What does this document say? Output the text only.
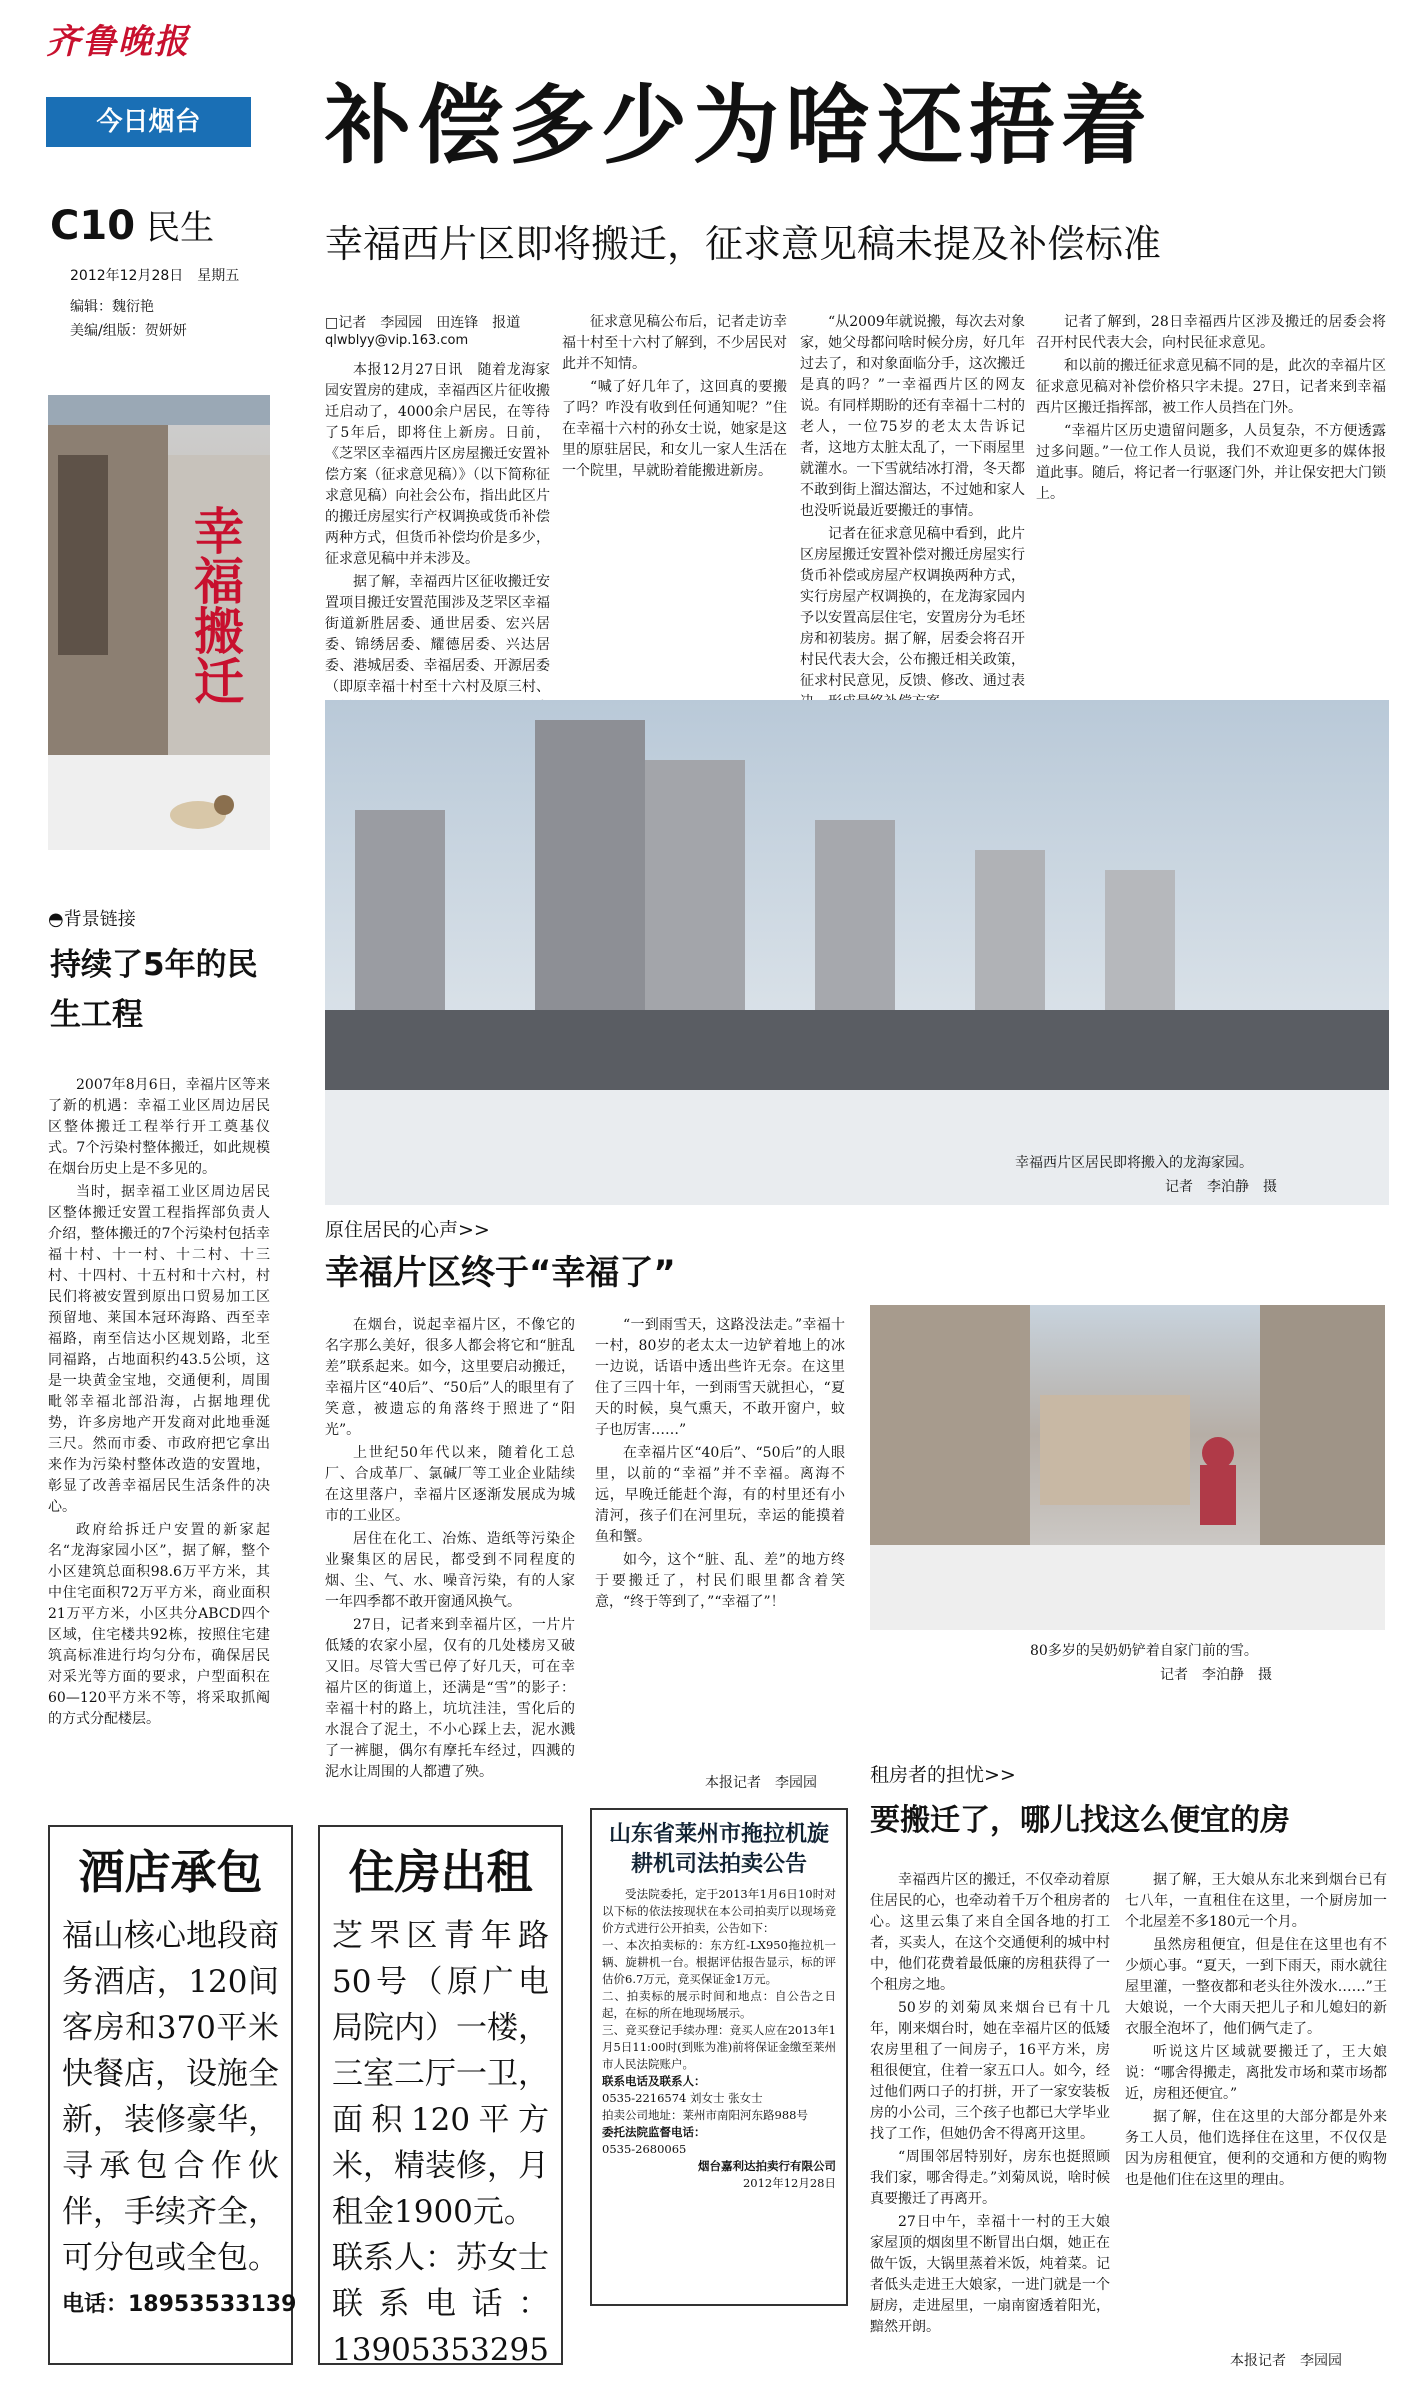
齐鲁晚报
今日烟台
C10 民生
2012年12月28日　星期五
编辑：魏衍艳
美编/组版：贺妍妍
补偿多少为啥还捂着
幸福西片区即将搬迁，征求意见稿未提及补偿标准
幸福搬迁
◓背景链接
持续了5年的民生工程

2007年8月6日，幸福片区等来了新的机遇：幸福工业区周边居民区整体搬迁工程举行开工奠基仪式。7个污染村整体搬迁，如此规模在烟台历史上是不多见的。

当时，据幸福工业区周边居民区整体搬迁安置工程指挥部负责人介绍，整体搬迁的7个污染村包括幸福十村、十一村、十二村、十三村、十四村、十五村和十六村，村民们将被安置到原出口贸易加工区预留地、莱国本冠环海路、西至幸福路，南至信达小区规划路，北至同福路，占地面积约43.5公顷，这是一块黄金宝地，交通便利，周围毗邻幸福北部沿海，占据地理优势，许多房地产开发商对此地垂涎三尺。然而市委、市政府把它拿出来作为污染村整体改造的安置地，彰显了改善幸福居民生活条件的决心。

政府给拆迁户安置的新家起名“龙海家园小区”，据了解，整个小区建筑总面积98.6万平方米，其中住宅面积72万平方米，商业面积21万平方米，小区共分ABCD四个区域，住宅楼共92栋，按照住宅建筑高标准进行均匀分布，确保居民对采光等方面的要求，户型面积在60—120平方米不等，将采取抓阄的方式分配楼层。

□记者　李园园　田连锋　报道
qlwblyy@vip.163.com

本报12月27日讯　随着龙海家园安置房的建成，幸福西区片征收搬迁启动了，4000余户居民，在等待了5年后，即将住上新房。日前，《芝罘区幸福西片区房屋搬迁安置补偿方案（征求意见稿）》（以下简称征求意见稿）向社会公布，指出此区片的搬迁房屋实行产权调换或货币补偿两种方式，但货币补偿均价是多少，征求意见稿中并未涉及。

据了解，幸福西片区征收搬迁安置项目搬迁安置范围涉及芝罘区幸福街道新胜居委、通世居委、宏兴居委、锦绣居委、耀德居委、兴达居委、港城居委、幸福居委、开源居委（即原幸福十村至十六村及原三村、

征求意见稿公布后，记者走访幸福十村至十六村了解到，不少居民对此并不知情。

“喊了好几年了，这回真的要搬了吗？咋没有收到任何通知呢？”住在幸福十六村的孙女士说，她家是这里的原驻居民，和女儿一家人生活在一个院里，早就盼着能搬进新房。

“从2009年就说搬，每次去对象家，她父母都问啥时候分房，好几年过去了，和对象面临分手，这次搬迁是真的吗？”一幸福西片区的网友说。有同样期盼的还有幸福十二村的老人，一位75岁的老太太告诉记者，这地方太脏太乱了，一下雨屋里就灌水。一下雪就结冰打滑，冬天都不敢到街上溜达溜达，不过她和家人也没听说最近要搬迁的事情。

记者在征求意见稿中看到，此片区房屋搬迁安置补偿对搬迁房屋实行货币补偿或房屋产权调换两种方式，实行房屋产权调换的，在龙海家园内予以安置高层住宅，安置房分为毛坯房和初装房。据了解，居委会将召开村民代表大会，公布搬迁相关政策，征求村民意见，反馈、修改、通过表

记者了解到，28日幸福西片区涉及搬迁的居委会将召开村民代表大会，向村民征求意见。

和以前的搬迁征求意见稿不同的是，此次的幸福片区征求意见稿对补偿价格只字未提。27日，记者来到幸福西片区搬迁指挥部，被工作人员挡在门外。

“幸福片区历史遗留问题多，人员复杂，不方便透露过多问题。”一位工作人员说，我们不欢迎更多的媒体报道此事。随后，将记者一行驱逐门外，并让保安把大门锁上。

幸福西片区居民即将搬入的龙海家园。
记者　李泊静　摄
原住居民的心声>>
幸福片区终于“幸福了”

在烟台，说起幸福片区，不像它的名字那么美好，很多人都会将它和“脏乱差”联系起来。如今，这里要启动搬迁，幸福片区“40后”、“50后”人的眼里有了笑意，被遗忘的角落终于照进了“阳光”。

上世纪50年代以来，随着化工总厂、合成革厂、氯碱厂等工业企业陆续在这里落户，幸福片区逐渐发展成为城市的工业区。

居住在化工、冶炼、造纸等污染企业聚集区的居民，都受到不同程度的烟、尘、气、水、噪音污染，有的人家一年四季都不敢开窗通风换气。

27日，记者来到幸福片区，一片片低矮的农家小屋，仅有的几处楼房又破又旧。尽管大雪已停了好几天，可在幸福片区的街道上，还满是“雪”的影子：幸福十村的路上，坑坑洼洼，雪化后的水混合了泥土，不小心踩上去，泥水溅了一裤腿，偶尔有摩托车经过，四溅的泥水让周围的人都遭了殃。

“一到雨雪天，这路没法走。”幸福十一村，80岁的老太太一边铲着地上的冰一边说，话语中透出些许无奈。在这里住了三四十年，一到雨雪天就担心，“夏天的时候，臭气熏天，不敢开窗户，蚊子也厉害……”

在幸福片区“40后”、“50后”的人眼里，以前的“幸福”并不幸福。离海不远，早晚迁能赶个海，有的村里还有小清河，孩子们在河里玩，幸运的能摸着鱼和蟹。

如今，这个“脏、乱、差”的地方终于要搬迁了，村民们眼里都含着笑意，“终于等到了，”“幸福了”！

本报记者　李园园
80多岁的吴奶奶铲着自家门前的雪。
记者　李泊静　摄
租房者的担忧>>
要搬迁了，哪儿找这么便宜的房

幸福西片区的搬迁，不仅牵动着原住居民的心，也牵动着千万个租房者的心。这里云集了来自全国各地的打工者，买卖人，在这个交通便利的城中村中，他们花费着最低廉的房租获得了一个租房之地。

50岁的刘菊凤来烟台已有十几年，刚来烟台时，她在幸福片区的低矮农房里租了一间房子，16平方米，房租很便宜，住着一家五口人。如今，经过他们两口子的打拼，开了一家安装板房的小公司，三个孩子也都已大学毕业找了工作，但她仍舍不得离开这里。

“周围邻居特别好，房东也挺照顾我们家，哪舍得走。”刘菊凤说，啥时候真要搬迁了再离开。

27日中午，幸福十一村的王大娘家屋顶的烟囱里不断冒出白烟，她正在做午饭，大锅里蒸着米饭，炖着菜。记者低头走进王大娘家，一进门就是一个厨房，走进屋里，一扇南窗透着阳光，黯然开朗。

据了解，王大娘从东北来到烟台已有七八年，一直租住在这里，一个厨房加一个北屋差不多180元一个月。

虽然房租便宜，但是住在这里也有不少烦心事。“夏天，一到下雨天，雨水就往屋里灌，一整夜都和老头往外泼水……”王大娘说，一个大雨天把儿子和儿媳妇的新衣服全泡坏了，他们俩气走了。

听说这片区域就要搬迁了，王大娘说：“哪舍得搬走，离批发市场和菜市场都近，房租还便宜。”

据了解，住在这里的大部分都是外来务工人员，他们选择住在这里，不仅仅是因为房租便宜，便利的交通和方便的购物也是他们住在这里的理由。

本报记者　李园园
酒店承包
福山核心地段商务酒店，120间客房和370平米快餐店，设施全新，装修豪华，寻承包合作伙伴，手续齐全，可分包或全包。
电话：18953533139
住房出租
芝罘区青年路50号（原广电局院内）一楼，三室二厅一卫，面积120平方米，精装修，月租金1900元。
联系人：苏女士
联系电话：13905353295
山东省莱州市拖拉机旋耕机司法拍卖公告

受法院委托，定于2013年1月6日10时对以下标的依法按现状在本公司拍卖厅以现场竞价方式进行公开拍卖，公告如下：

一、本次拍卖标的：东方红-LX950拖拉机一辆、旋耕机一台。根据评估报告显示，标的评估价6.7万元，竞买保证金1万元。

二、拍卖标的展示时间和地点：自公告之日起，在标的所在地现场展示。

三、竞买登记手续办理：竞买人应在2013年1月5日11:00时(到账为准)前将保证金缴至莱州市人民法院账户。

联系电话及联系人：

0535-2216574 刘女士 张女士

拍卖公司地址：莱州市南阳河东路988号

委托法院监督电话：

0535-2680065

烟台嘉利达拍卖行有限公司

2012年12月28日
